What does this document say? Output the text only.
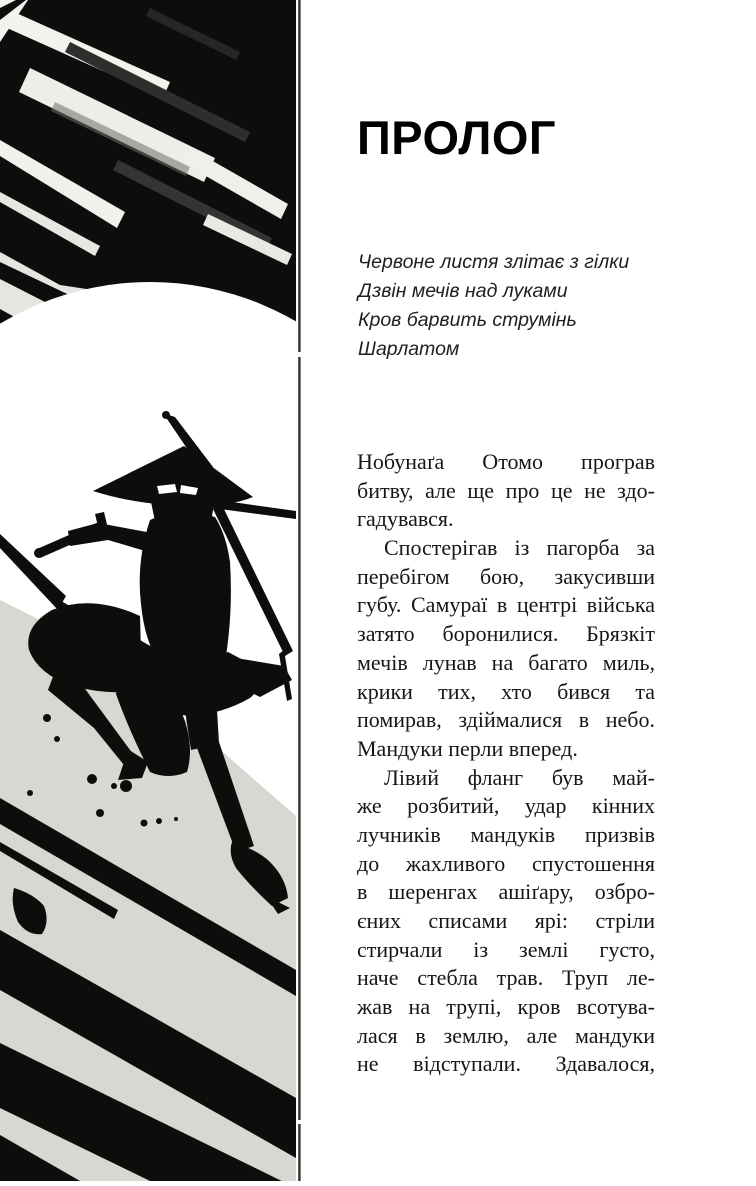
ПРОЛОГ
Червоне листя злітає з гілки
Дзвін мечів над луками
Кров барвить струмінь
Шарлатом
Нобунаґа Отомо програв
битву, але ще про це не здо-
гадувався.
Спостерігав із пагорба за
перебігом бою, закусивши
губу. Самураї в центрі війська
затято боронилися. Брязкіт
мечів лунав на багато миль,
крики тих, хто бився та
помирав, здіймалися в небо.
Мандуки перли вперед.
Лівий фланг був май-
же розбитий, удар кінних
лучників мандуків призвів
до жахливого спустошення
в шеренгах ашіґару, озбро-
єних списами ярі: стріли
стирчали із землі густо,
наче стебла трав. Труп ле-
жав на трупі, кров всотува-
лася в землю, але мандуки
не відступали. Здавалося,
